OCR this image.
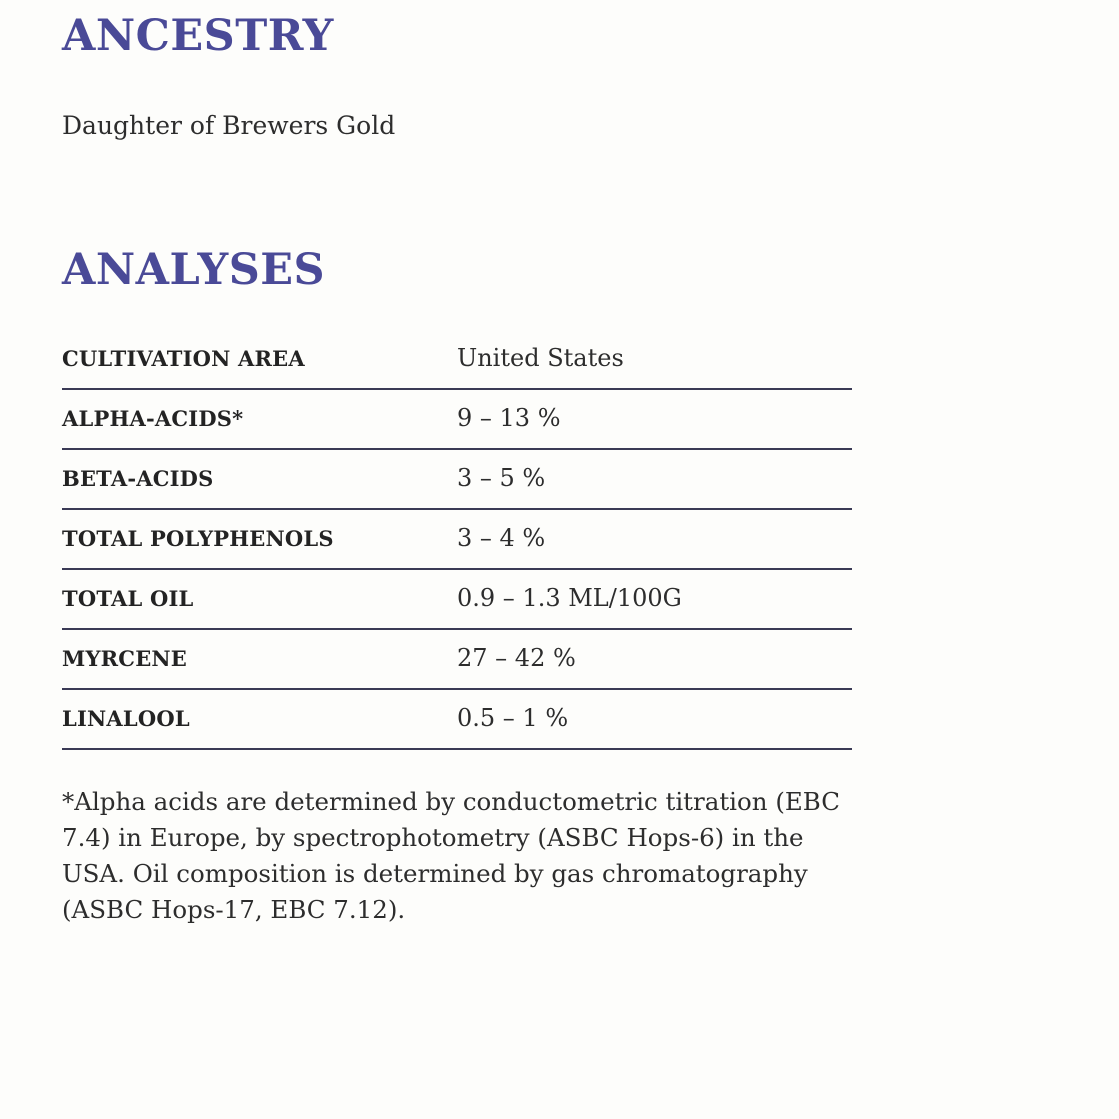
ANCESTRY

Daughter of Brewers Gold

ANALYSES
CULTIVATION AREA	United States
ALPHA-ACIDS*	9 – 13 %
BETA-ACIDS	3 – 5 %
TOTAL POLYPHENOLS	3 – 4 %
TOTAL OIL	0.9 – 1.3 ML/100G
MYRCENE	27 – 42 %
LINALOOL	0.5 – 1 %

*Alpha acids are determined by conductometric titration (EBC 7.4) in Europe, by spectrophotometry (ASBC Hops-6) in the USA. Oil composition is determined by gas chromatography (ASBC Hops-17, EBC 7.12).
